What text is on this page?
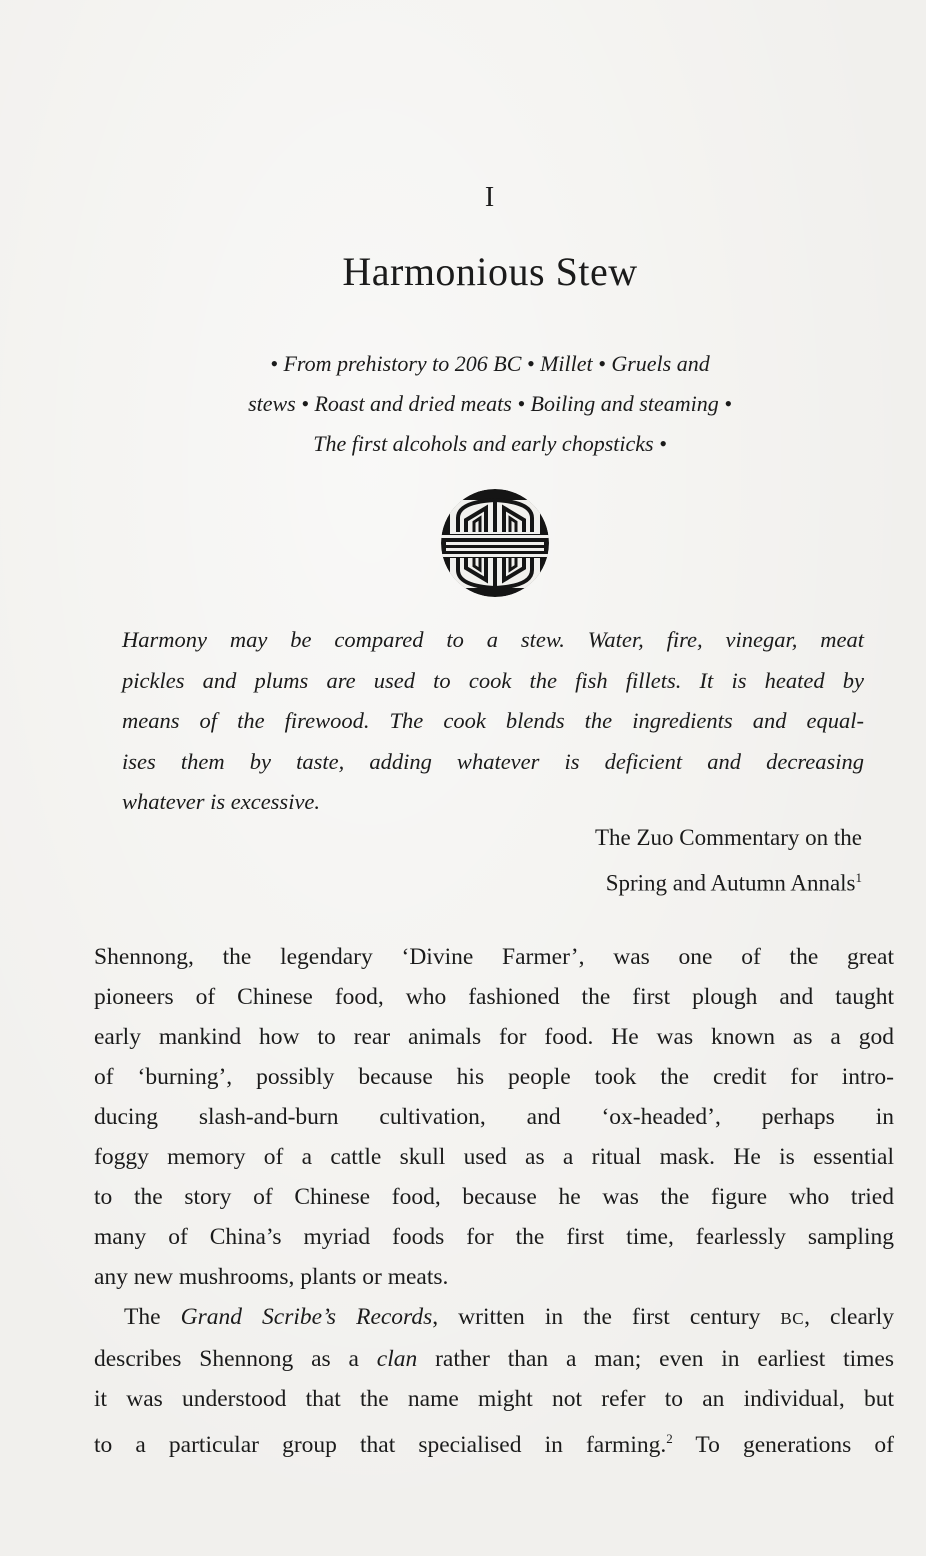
I
Harmonious Stew
• From prehistory to 206 BC • Millet • Gruels and
stews • Roast and dried meats • Boiling and steaming •
The first alcohols and early chopsticks •
Harmony may be compared to a stew. Water, fire, vinegar, meat
pickles and plums are used to cook the fish fillets. It is heated by
means of the firewood. The cook blends the ingredients and equal-
ises them by taste, adding whatever is deficient and decreasing
whatever is excessive.
The Zuo Commentary on the
Spring and Autumn Annals$^1$
Shennong, the legendary ‘Divine Farmer’, was one of the great
pioneers of Chinese food, who fashioned the first plough and taught
early mankind how to rear animals for food. He was known as a god
of ‘burning’, possibly because his people took the credit for intro-
ducing slash-and-burn cultivation, and ‘ox-headed’, perhaps in
foggy memory of a cattle skull used as a ritual mask. He is essential
to the story of Chinese food, because he was the figure who tried
many of China’s myriad foods for the first time, fearlessly sampling
any new mushrooms, plants or meats.
The Grand Scribe’s Records, written in the first century BC, clearly
describes Shennong as a clan rather than a man; even in earliest times
it was understood that the name might not refer to an individual, but
to a particular group that specialised in farming.$^2$ To generations of
